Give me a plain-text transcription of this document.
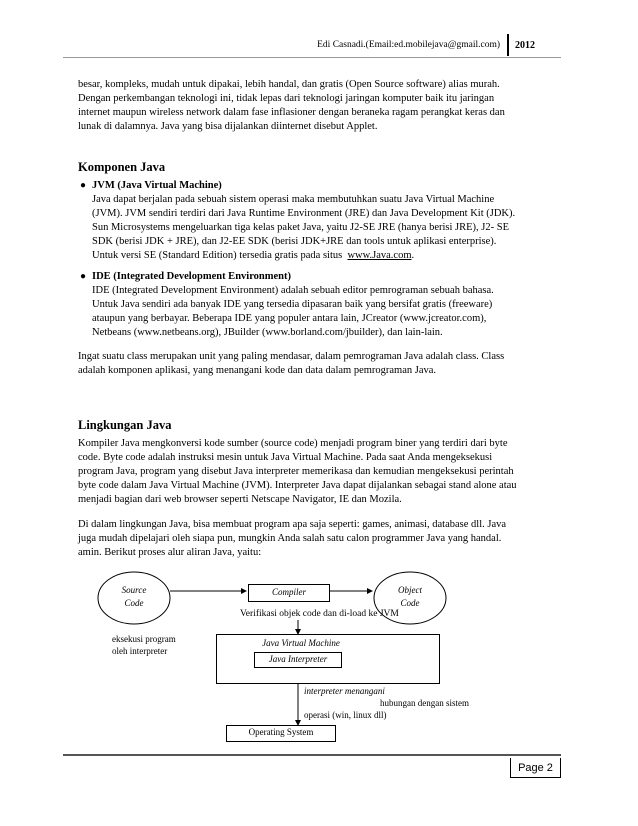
Edi Casnadi.(Email:ed.mobilejava@gmail.com) 2012
besar, kompleks, mudah untuk dipakai, lebih handal, dan gratis (Open Source software) alias murah.
Dengan perkembangan teknologi ini, tidak lepas dari teknologi jaringan komputer baik itu jaringan
internet maupun wireless network dalam fase inflasioner dengan beraneka ragam perangkat keras dan
lunak di dalamnya. Java yang bisa dijalankan diinternet disebut Applet.
Komponen Java
● JVM (Java Virtual Machine)
Java dapat berjalan pada sebuah sistem operasi maka membutuhkan suatu Java Virtual Machine
(JVM). JVM sendiri terdiri dari Java Runtime Environment (JRE) dan Java Development Kit (JDK).
Sun Microsystems mengeluarkan tiga kelas paket Java, yaitu J2-SE JRE (hanya berisi JRE), J2- SE
SDK (berisi JDK + JRE), dan J2-EE SDK (berisi JDK+JRE dan tools untuk aplikasi enterprise).
Untuk versi SE (Standard Edition) tersedia gratis pada situs www.Java.com.
● IDE (Integrated Development Environment)
IDE (Integrated Development Environment) adalah sebuah editor pemrograman sebuah bahasa.
Untuk Java sendiri ada banyak IDE yang tersedia dipasaran baik yang bersifat gratis (freeware)
ataupun yang berbayar. Beberapa IDE yang populer antara lain, JCreator (www.jcreator.com),
Netbeans (www.netbeans.org), JBuilder (www.borland.com/jbuilder), dan lain-lain.
Ingat suatu class merupakan unit yang paling mendasar, dalam pemrograman Java adalah class. Class
adalah komponen aplikasi, yang menangani kode dan data dalam pemrograman Java.
Lingkungan Java
Kompiler Java mengkonversi kode sumber (source code) menjadi program biner yang terdiri dari byte
code. Byte code adalah instruksi mesin untuk Java Virtual Machine. Pada saat Anda mengeksekusi
program Java, program yang disebut Java interpreter memerikasa dan kemudian mengeksekusi perintah
byte code dalam Java Virtual Machine (JVM). Interpreter Java dapat dijalankan sebagai stand alone atau
menjadi bagian dari web browser seperti Netscape Navigator, IE dan Mozila.
Di dalam lingkungan Java, bisa membuat program apa saja seperti: games, animasi, database dll. Java
juga mudah dipelajari oleh siapa pun, mungkin Anda salah satu calon programmer Java yang handal.
amin. Berikut proses alur aliran Java, yaitu:
Source
Code
Compiler	Object
Code
Verifikasi objek code dan di-load ke JVM
eksekusi program
oleh interpreter
Java Virtual Machine
Java Interpreter
interpreter menangani
hubungan dengan sistem
operasi (win, linux dll)
Operating System
Page 2
